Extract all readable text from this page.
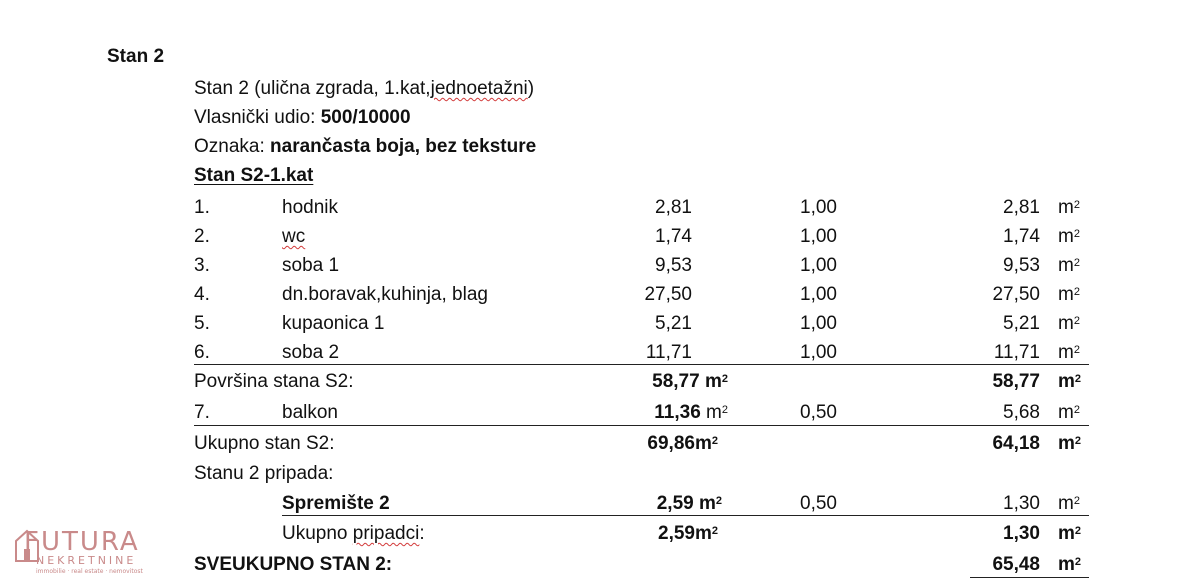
Stan 2
Stan 2 (ulična zgrada, 1.kat,jednoetažni)
Vlasnički udio: 500/10000
Oznaka: narančasta boja, bez teksture
Stan S2-1.kat
1.	hodnik	2,81	1,00	2,81 $m^2$
2.	wc	1,74	1,00	1,74 $m^2$
3.	soba 1	9,53	1,00	9,53 $m^2$
4.	dn.boravak,kuhinja, blag	27,50	1,00	27,50 $m^2$
5.	kupaonica 1	5,21	1,00	5,21 $m^2$
6.	soba 2	11,71	1,00	11,71 $m^2$
Površina stana S2:	58,77 $m^2$	58,77 $m^2$
7.	balkon	11,36 $m^2$	0,50	5,68 $m^2$
Ukupno stan S2:	$69,86m^2$	64,18 $m^2$
Stanu 2 pripada:
Spremište 2	2,59 $m^2$	0,50	1,30 $m^2$
Ukupno pripadci:	$2,59m^2$	1,30 $m^2$
SVEUKUPNO STAN 2:	65,48 $m^2$
FUTURA
NEKRETNINE
immobilie · real estate · nemovitost
